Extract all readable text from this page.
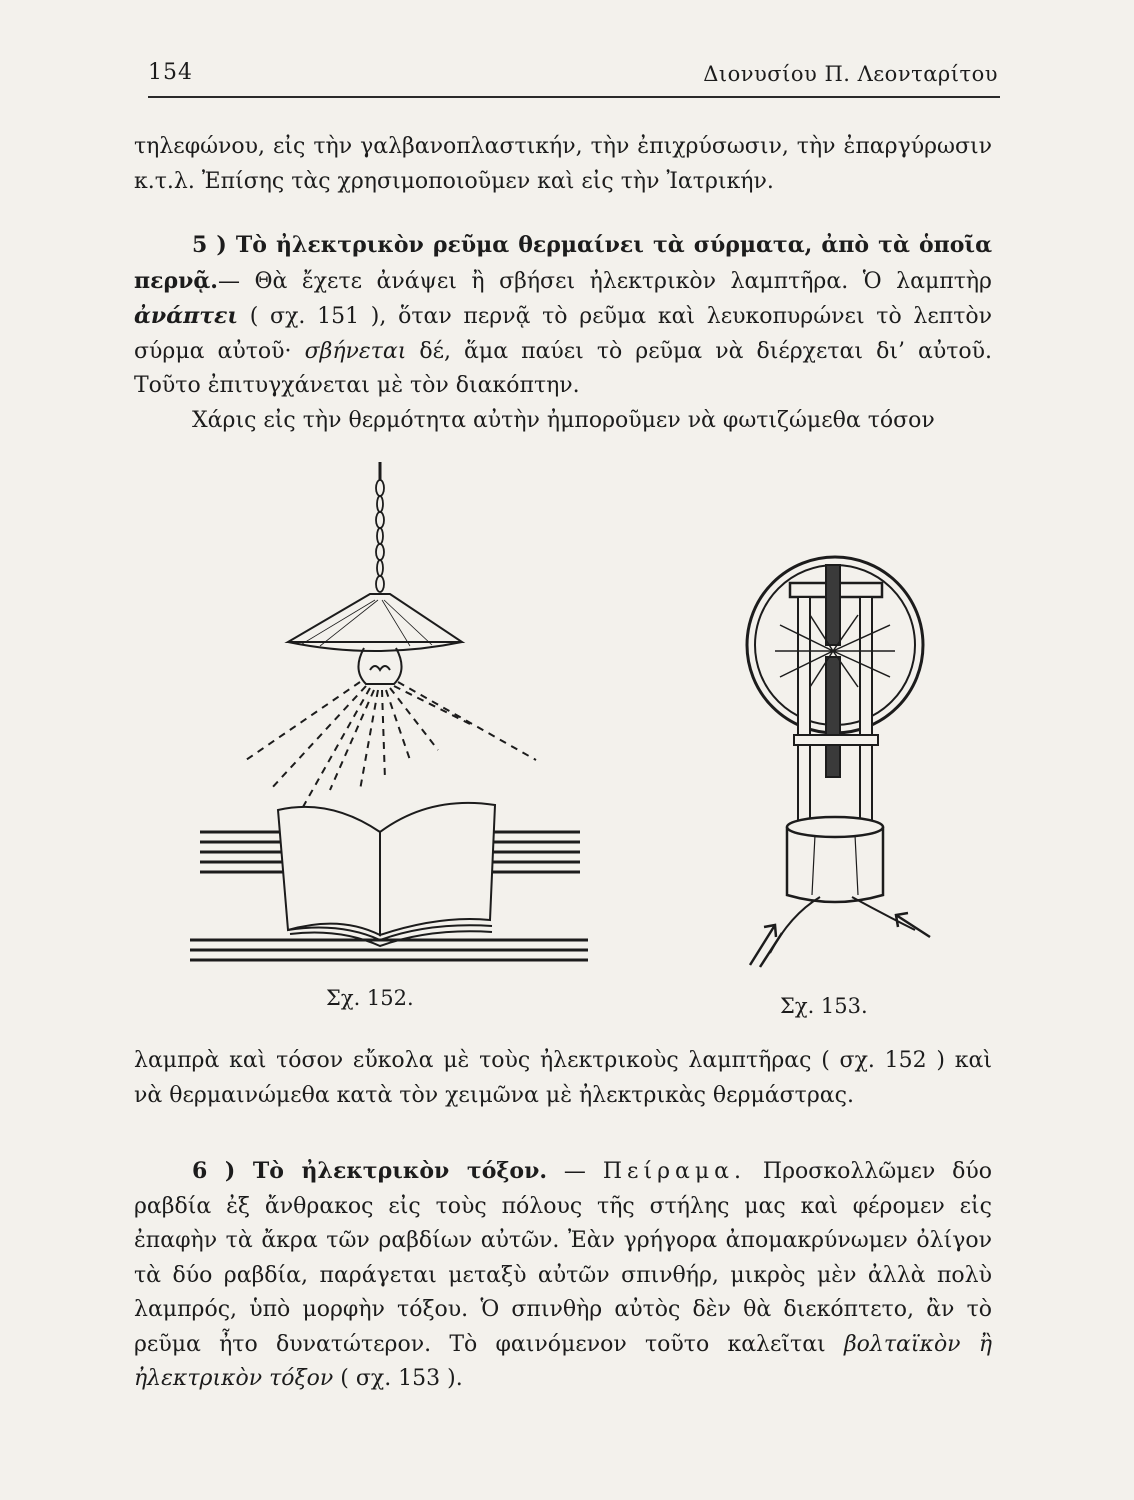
154	Διονυσίου Π. Λεονταρίτου

τηλεφώνου, εἰς τὴν γαλβανοπλαστικήν, τὴν ἐπιχρύσωσιν, τὴν ἐπαργύρωσιν κ.τ.λ. Ἐπίσης τὰς χρησιμοποιοῦμεν καὶ εἰς τὴν Ἰατρικήν.

5 ) Τὸ ἠλεκτρικὸν ρεῦμα θερμαίνει τὰ σύρματα, ἀπὸ τὰ ὁποῖα περνᾷ.— Θὰ ἔχετε ἀνάψει ἢ σβήσει ἠλεκτρικὸν λαμπτῆρα. Ὁ λαμπτὴρ ἀνάπτει ( σχ. 151 ), ὅταν περνᾷ τὸ ρεῦμα καὶ λευκοπυρώνει τὸ λεπτὸν σύρμα αὐτοῦ· σβήνεται δέ, ἅμα παύει τὸ ρεῦμα νὰ διέρχεται δι’ αὐτοῦ. Τοῦτο ἐπιτυγχάνεται μὲ τὸν διακόπτην.

Χάρις εἰς τὴν θερμότητα αὐτὴν ἠμποροῦμεν νὰ φωτιζώμεθα τόσον

Σχ. 152.	Σχ. 153.

λαμπρὰ καὶ τόσον εὔκολα μὲ τοὺς ἠλεκτρικοὺς λαμπτῆρας ( σχ. 152 ) καὶ νὰ θερμαινώμεθα κατὰ τὸν χειμῶνα μὲ ἠλεκτρικὰς θερμάστρας.

6 ) Τὸ ἠλεκτρικὸν τόξον. — Πείραμα. Προσκολλῶμεν δύο ραβδία ἐξ ἄνθρακος εἰς τοὺς πόλους τῆς στήλης μας καὶ φέρομεν εἰς ἐπαφὴν τὰ ἄκρα τῶν ραβδίων αὐτῶν. Ἐὰν γρήγορα ἀπομακρύνωμεν ὀλίγον τὰ δύο ραβδία, παράγεται μεταξὺ αὐτῶν σπινθήρ, μικρὸς μὲν ἀλλὰ πολὺ λαμπρός, ὑπὸ μορφὴν τόξου. Ὁ σπινθὴρ αὐτὸς δὲν θὰ διεκόπτετο, ἂν τὸ ρεῦμα ἦτο δυνατώτερον. Τὸ φαινόμενον τοῦτο καλεῖται βολταϊκὸν ἢ ἠλεκτρικὸν τόξον ( σχ. 153 ).
